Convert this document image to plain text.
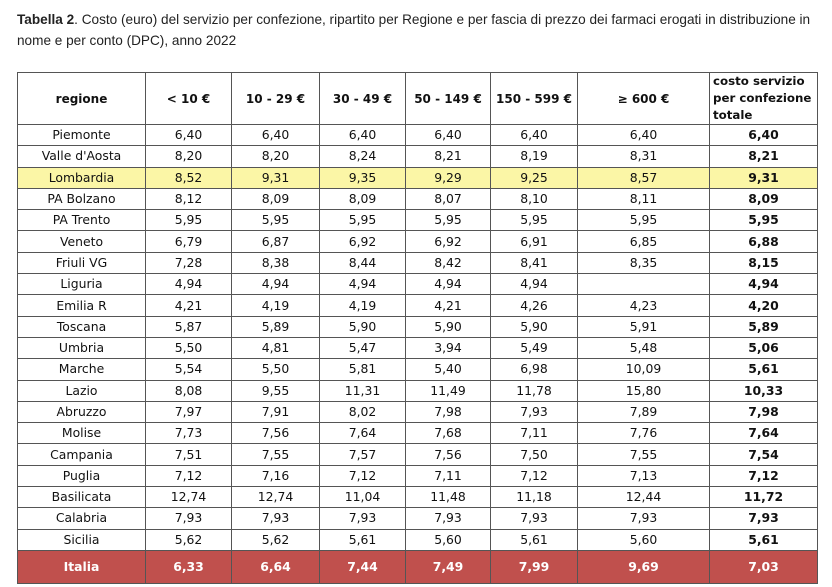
Tabella 2. Costo (euro) del servizio per confezione, ripartito per Regione e per fascia di prezzo dei farmaci erogati in distribuzione in nome e per conto (DPC), anno 2022
regione	< 10 €	10 - 29 €	30 - 49 €	50 - 149 €	150 - 599 €	≥ 600 €	costo servizio per confezione totale
Piemonte	6,40	6,40	6,40	6,40	6,40	6,40	6,40
Valle d'Aosta	8,20	8,20	8,24	8,21	8,19	8,31	8,21
Lombardia	8,52	9,31	9,35	9,29	9,25	8,57	9,31
PA Bolzano	8,12	8,09	8,09	8,07	8,10	8,11	8,09
PA Trento	5,95	5,95	5,95	5,95	5,95	5,95	5,95
Veneto	6,79	6,87	6,92	6,92	6,91	6,85	6,88
Friuli VG	7,28	8,38	8,44	8,42	8,41	8,35	8,15
Liguria	4,94	4,94	4,94	4,94	4,94		4,94
Emilia R	4,21	4,19	4,19	4,21	4,26	4,23	4,20
Toscana	5,87	5,89	5,90	5,90	5,90	5,91	5,89
Umbria	5,50	4,81	5,47	3,94	5,49	5,48	5,06
Marche	5,54	5,50	5,81	5,40	6,98	10,09	5,61
Lazio	8,08	9,55	11,31	11,49	11,78	15,80	10,33
Abruzzo	7,97	7,91	8,02	7,98	7,93	7,89	7,98
Molise	7,73	7,56	7,64	7,68	7,11	7,76	7,64
Campania	7,51	7,55	7,57	7,56	7,50	7,55	7,54
Puglia	7,12	7,16	7,12	7,11	7,12	7,13	7,12
Basilicata	12,74	12,74	11,04	11,48	11,18	12,44	11,72
Calabria	7,93	7,93	7,93	7,93	7,93	7,93	7,93
Sicilia	5,62	5,62	5,61	5,60	5,61	5,60	5,61
Italia	6,33	6,64	7,44	7,49	7,99	9,69	7,03
